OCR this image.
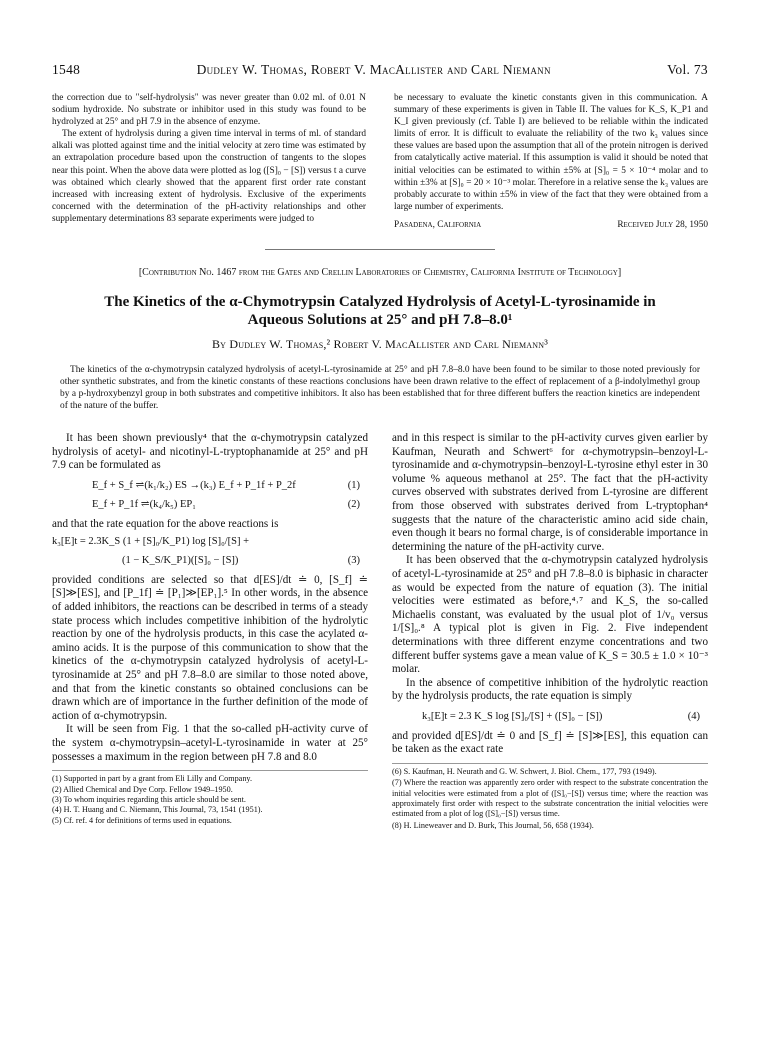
1548	Dudley W. Thomas, Robert V. MacAllister and Carl Niemann	Vol. 73

the correction due to "self-hydrolysis" was never greater than 0.02 ml. of 0.01 N sodium hydroxide. No substrate or inhibitor used in this study was found to be hydrolyzed at 25° and pH 7.9 in the absence of enzyme.

The extent of hydrolysis during a given time interval in terms of ml. of standard alkali was plotted against time and the initial velocity at zero time was estimated by an extrapolation procedure based upon the construction of tangents to the slopes near this point. When the above data were plotted as log ([S]₀ − [S]) versus t a curve was obtained which clearly showed that the apparent first order rate constant increased with increasing extent of hydrolysis. Exclusive of the experiments concerned with the determination of the pH-activity relationships and other supplementary determinations 83 separate experiments were judged to

be necessary to evaluate the kinetic constants given in this communication. A summary of these experiments is given in Table II. The values for K_S, K_P1 and K_I given previously (cf. Table I) are believed to be reliable within the indicated limits of error. It is difficult to evaluate the reliability of the two k₃ values since these values are based upon the assumption that all of the protein nitrogen is derived from catalytically active material. If this assumption is valid it should be noted that initial velocities can be estimated to within ±5% at [S]₀ = 5 × 10⁻⁴ molar and to within ±3% at [S]₀ = 20 × 10⁻³ molar. Therefore in a relative sense the k₃ values are probably accurate to within ±5% in view of the fact that they were obtained from a large number of experiments.

Pasadena, California	Received July 28, 1950
[Contribution No. 1467 from the Gates and Crellin Laboratories of Chemistry, California Institute of Technology]
The Kinetics of the α-Chymotrypsin Catalyzed Hydrolysis of Acetyl-L-tyrosinamide in Aqueous Solutions at 25° and pH 7.8–8.0¹
By Dudley W. Thomas,² Robert V. MacAllister and Carl Niemann³

The kinetics of the α-chymotrypsin catalyzed hydrolysis of acetyl-L-tyrosinamide at 25° and pH 7.8–8.0 have been found to be similar to those noted previously for other synthetic substrates, and from the kinetic constants of these reactions conclusions have been drawn relative to the effect of replacement of a β-indolylmethyl group by a p-hydroxybenzyl group in both substrates and competitive inhibitors. It also has been established that for three different buffers the reaction kinetics are independent of the nature of the buffer.

It has been shown previously⁴ that the α-chymotrypsin catalyzed hydrolysis of acetyl- and nicotinyl-L-tryptophanamide at 25° and pH 7.9 can be formulated as

E_f + S_f ⇌(k₁/k₂) ES →(k₃) E_f + P_1f + P_2f	(1)
E_f + P_1f ⇌(k₄/k₅) EP₁	(2)

and that the rate equation for the above reactions is

k₃[E]t = 2.3K_S (1 + [S]₀/K_P1) log [S]₀/[S] +
(1 − K_S/K_P1)([S]₀ − [S])	(3)

provided conditions are selected so that d[ES]/dt ≐ 0, [S_f] ≐ [S]≫[ES], and [P_1f] ≐ [P₁]≫[EP₁].⁵ In other words, in the absence of added inhibitors, the reactions can be described in terms of a steady state process which includes competitive inhibition of the hydrolytic reaction by one of the hydrolysis products, in this case the acylated α-amino acids. It is the purpose of this communication to show that the kinetics of the α-chymotrypsin catalyzed hydrolysis of acetyl-L-tyrosinamide at 25° and pH 7.8–8.0 are similar to those noted above, and that from the kinetic constants so obtained conclusions can be drawn which are of importance in the further definition of the mode of action of α-chymotrypsin.

It will be seen from Fig. 1 that the so-called pH-activity curve of the system α-chymotrypsin–acetyl-L-tyrosinamide in water at 25° possesses a maximum in the region between pH 7.8 and 8.0

(1) Supported in part by a grant from Eli Lilly and Company.
(2) Allied Chemical and Dye Corp. Fellow 1949–1950.
(3) To whom inquiries regarding this article should be sent.
(4) H. T. Huang and C. Niemann, This Journal, 73, 1541 (1951).
(5) Cf. ref. 4 for definitions of terms used in equations.

and in this respect is similar to the pH-activity curves given earlier by Kaufman, Neurath and Schwert⁶ for α-chymotrypsin–benzoyl-L-tyrosinamide and α-chymotrypsin–benzoyl-L-tyrosine ethyl ester in 30 volume % aqueous methanol at 25°. The fact that the pH-activity curves observed with substrates derived from L-tyrosine are different from those observed with substrates derived from L-tryptophan⁴ suggests that the nature of the characteristic amino acid side chain, even though it bears no formal charge, is of considerable importance in determining the nature of the pH-activity curve.

It has been observed that the α-chymotrypsin catalyzed hydrolysis of acetyl-L-tyrosinamide at 25° and pH 7.8–8.0 is biphasic in character as would be expected from the nature of equation (3). The initial velocities were estimated as before,⁴˒⁷ and K_S, the so-called Michaelis constant, was evaluated by the usual plot of 1/v₀ versus 1/[S]₀.⁸ A typical plot is given in Fig. 2. Five independent determinations with three different enzyme concentrations and two different buffer systems gave a mean value of K_S = 30.5 ± 1.0 × 10⁻³ molar.

In the absence of competitive inhibition of the hydrolytic reaction by the hydrolysis products, the rate equation is simply

k₃[E]t = 2.3 K_S log [S]₀/[S] + ([S]₀ − [S])	(4)

and provided d[ES]/dt ≐ 0 and [S_f] ≐ [S]≫[ES], this equation can be taken as the exact rate

(6) S. Kaufman, H. Neurath and G. W. Schwert, J. Biol. Chem., 177, 793 (1949).
(7) Where the reaction was apparently zero order with respect to the substrate concentration the initial velocities were estimated from a plot of ([S]₀−[S]) versus time; where the reaction was approximately first order with respect to the substrate concentration the initial velocities were estimated from a plot of log ([S]₀−[S]) versus time.
(8) H. Lineweaver and D. Burk, This Journal, 56, 658 (1934).
